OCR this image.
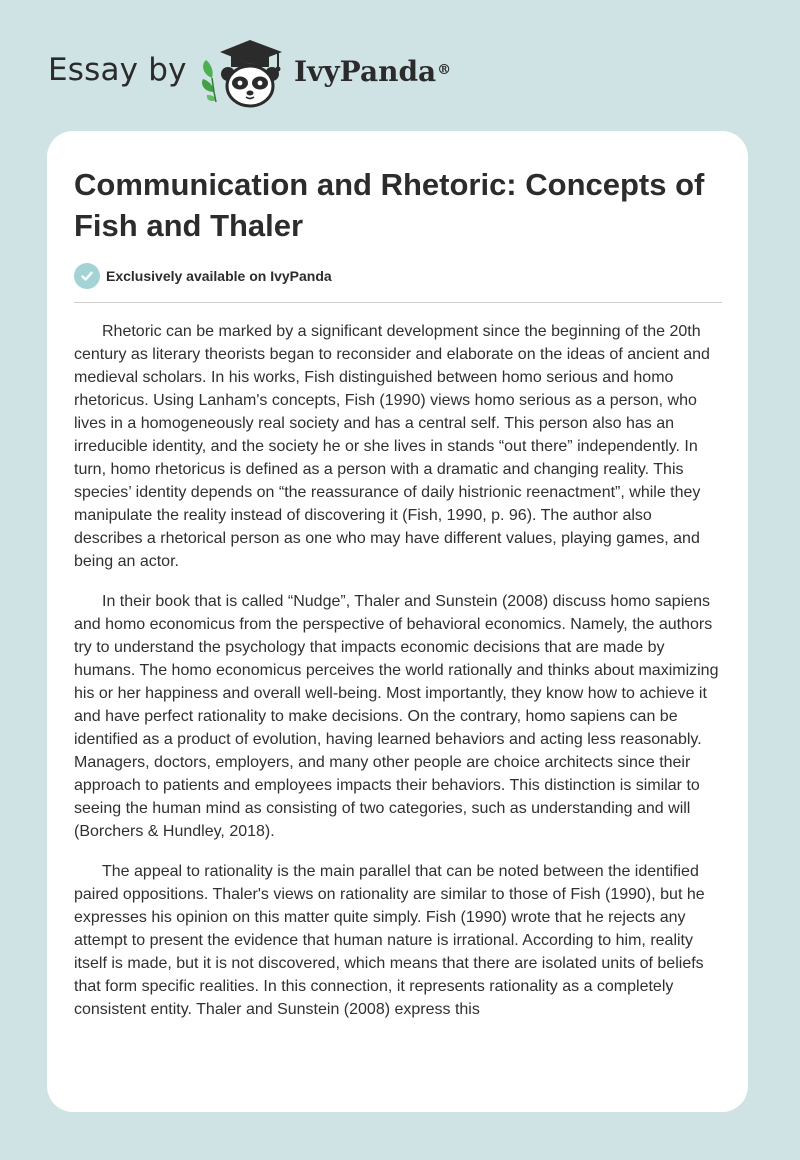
Essay by	IvyPanda®
Communication and Rhetoric: Concepts of Fish and Thaler
Exclusively available on IvyPanda

Rhetoric can be marked by a significant development since the beginning of the 20th century as literary theorists began to reconsider and elaborate on the ideas of ancient and medieval scholars. In his works, Fish distinguished between homo serious and homo rhetoricus. Using Lanham's concepts, Fish (1990) views homo serious as a person, who lives in a homogeneously real society and has a central self. This person also has an irreducible identity, and the society he or she lives in stands “out there” independently. In turn, homo rhetoricus is defined as a person with a dramatic and changing reality. This species’ identity depends on “the reassurance of daily histrionic reenactment”, while they manipulate the reality instead of discovering it (Fish, 1990, p. 96). The author also describes a rhetorical person as one who may have different values, playing games, and being an actor.

In their book that is called “Nudge”, Thaler and Sunstein (2008) discuss homo sapiens and homo economicus from the perspective of behavioral economics. Namely, the authors try to understand the psychology that impacts economic decisions that are made by humans. The homo economicus perceives the world rationally and thinks about maximizing his or her happiness and overall well-being. Most importantly, they know how to achieve it and have perfect rationality to make decisions. On the contrary, homo sapiens can be identified as a product of evolution, having learned behaviors and acting less reasonably. Managers, doctors, employers, and many other people are choice architects since their approach to patients and employees impacts their behaviors. This distinction is similar to seeing the human mind as consisting of two categories, such as understanding and will (Borchers & Hundley, 2018).

The appeal to rationality is the main parallel that can be noted between the identified paired oppositions. Thaler's views on rationality are similar to those of Fish (1990), but he expresses his opinion on this matter quite simply. Fish (1990) wrote that he rejects any attempt to present the evidence that human nature is irrational. According to him, reality itself is made, but it is not discovered, which means that there are isolated units of beliefs that form specific realities. In this connection, it represents rationality as a completely consistent entity. Thaler and Sunstein (2008) express this
